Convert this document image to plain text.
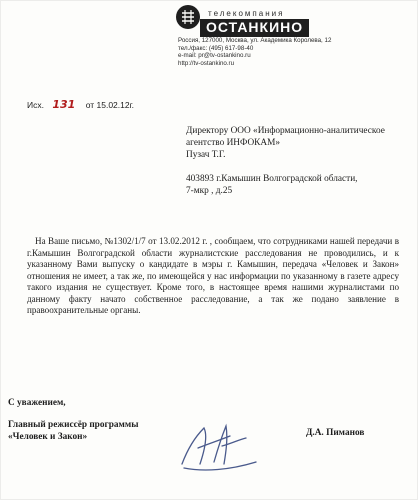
телекомпания
ОСТАНКИНО
Россия, 127000, Москва, ул. Академика Королева, 12
тел./факс: (495) 617-98-40
e-mail: pr@tv-ostankino.ru
http://tv-ostankino.ru
Исх. 131 от 15.02.12г.
Директору ООО «Информационно-аналитическое
агентство ИНФОКАМ»
Пузач Т.Г.
403893 г.Камышин Волгоградской области,
7-мкр , д.25
На Ваше письмо, №1302/1/7 от 13.02.2012 г. , сообщаем, что сотрудниками нашей передачи в г.Камышин Волгоградской области журналистские расследования не проводились, и к указанному Вами выпуску о кандидате в мэры г. Камышин, передача «Человек и Закон» отношения не имеет, а так же, по имеющейся у нас информации по указанному в газете адресу такого издания не существует. Кроме того, в настоящее время нашими журналистами по данному факту начато собственное расследование, а так же подано заявление в правоохранительные органы.
С уважением,
Главный режиссёр программы
«Человек и Закон»	Д.А. Пиманов
